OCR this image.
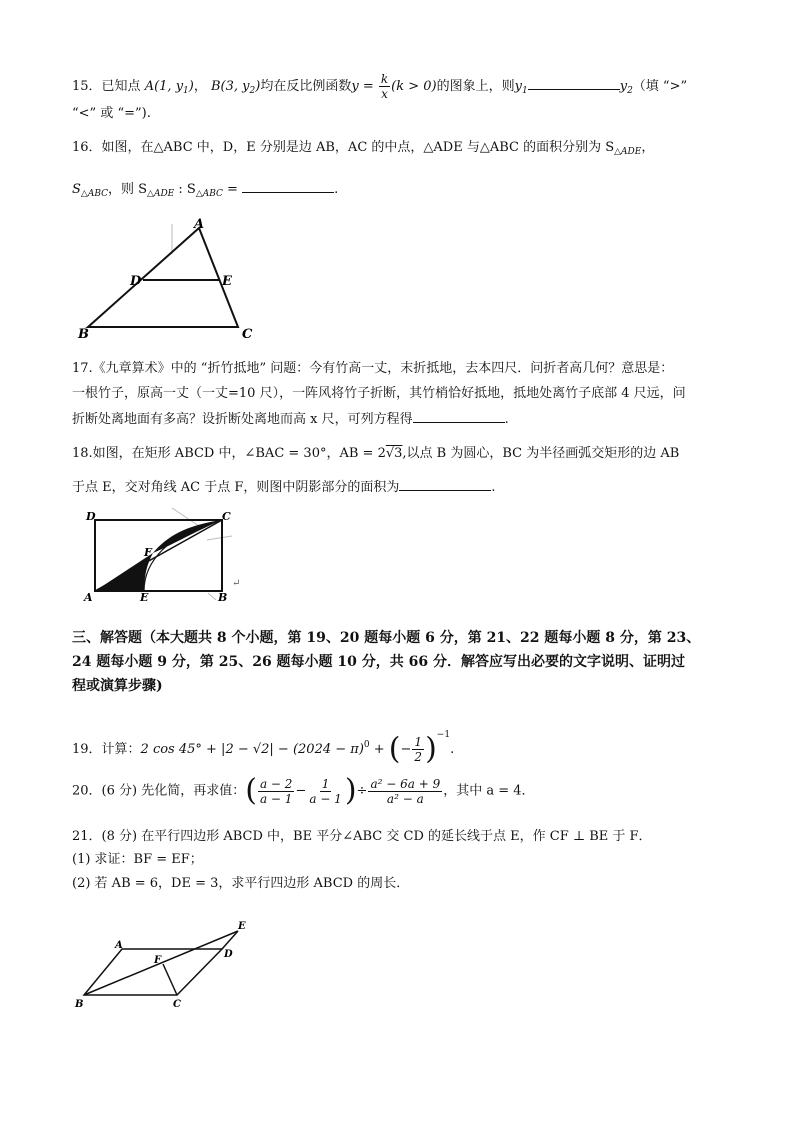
15．已知点 A(1, $y_1$)， B(3, $y_2$)均在反比例函数$y = \frac{k}{x} (k > 0)$的图象上，则$y_1$	$y_2$（填 “>”
“<” 或 “=”).
16．如图，在△ABC 中，D，E 分别是边 AB，AC 的中点，△ADE 与△ABC 的面积分别为 $S_{\triangle ADE}$，
$S_{\triangle ABC}$，则 $S_{\triangle ADE}$ : $S_{\triangle ABC}$ =	.
A
B	C
D	E
17.《九章算术》中的 “折竹抵地” 问题：今有竹高一丈，末折抵地，去本四尺．问折者高几何？意思是：
一根竹子，原高一丈（一丈=10 尺），一阵风将竹子折断，其竹梢恰好抵地，抵地处离竹子底部 4 尺远，问
折断处离地面有多高？设折断处离地而高 x 尺，可列方程得	.
18.如图，在矩形 ABCD 中，∠BAC = 30°，AB = 2√3,以点 B 为圆心，BC 为半径画弧交矩形的边 AB
于点 E，交对角线 AC 于点 F，则图中阴影部分的面积为	.
D	C
A	E	B
F
↵
三、解答题（本大题共 8 个小题，第 19、20 题每小题 6 分，第 21、22 题每小题 8 分，第 23、
24 题每小题 9 分，第 25、26 题每小题 10 分，共 66 分．解答应写出必要的文字说明、证明过
程或演算步骤)
19．计算：2 $\cos 45^\circ + |2 - √2| - (2024 - \pi)^0$ + (− $\frac{1}{2} )^{-1}$.
20．(6 分) 先化简，再求值：( $\frac{a - 2}{a - 1} - \frac{1}{a - 1}$ )÷ $\frac{\text{a² − 6a + 9}}{\text{a² − a}}$ ，其中 a = 4．
21．(8 分) 在平行四边形 ABCD 中，BE 平分∠ABC 交 CD 的延长线于点 E，作 CF ⊥ BE 于 F．
(1) 求证：BF = EF；
(2) 若 AB = 6，DE = 3，求平行四边形 ABCD 的周长．
A
D
E
F
C
B
